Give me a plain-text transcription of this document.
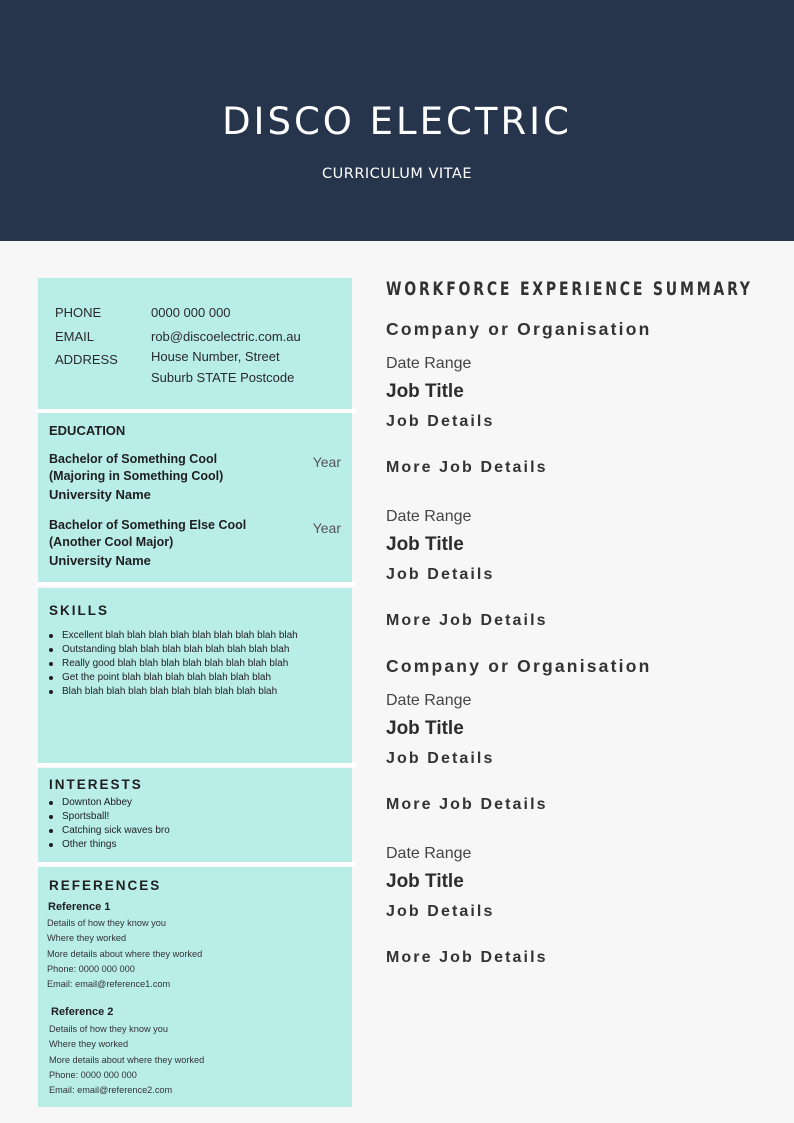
DISCO ELECTRIC
CURRICULUM VITAE
PHONE	0000 000 000
EMAIL	rob@discoelectric.com.au
ADDRESS	House Number, Street
Suburb STATE Postcode
EDUCATION
Bachelor of Something Cool
(Majoring in Something Cool)
University Name
Year
Bachelor of Something Else Cool
(Another Cool Major)
University Name
Year
SKILLS
Excellent blah blah blah blah blah blah blah blah blah
Outstanding blah blah blah blah blah blah blah blah
Really good blah blah blah blah blah blah blah blah
Get the point blah blah blah blah blah blah blah
Blah blah blah blah blah blah blah blah blah blah
INTERESTS
Downton Abbey
Sportsball!
Catching sick waves bro
Other things
REFERENCES
Reference 1
Details of how they know you
Where they worked
More details about where they worked
Phone: 0000 000 000
Email: email@reference1.com
Reference 2
Details of how they know you
Where they worked
More details about where they worked
Phone: 0000 000 000
Email: email@reference2.com
WORKFORCE EXPERIENCE SUMMARY
Company or Organisation
Date Range
Job Title
Job Details
More Job Details
Date Range
Job Title
Job Details
More Job Details
Company or Organisation
Date Range
Job Title
Job Details
More Job Details
Date Range
Job Title
Job Details
More Job Details
